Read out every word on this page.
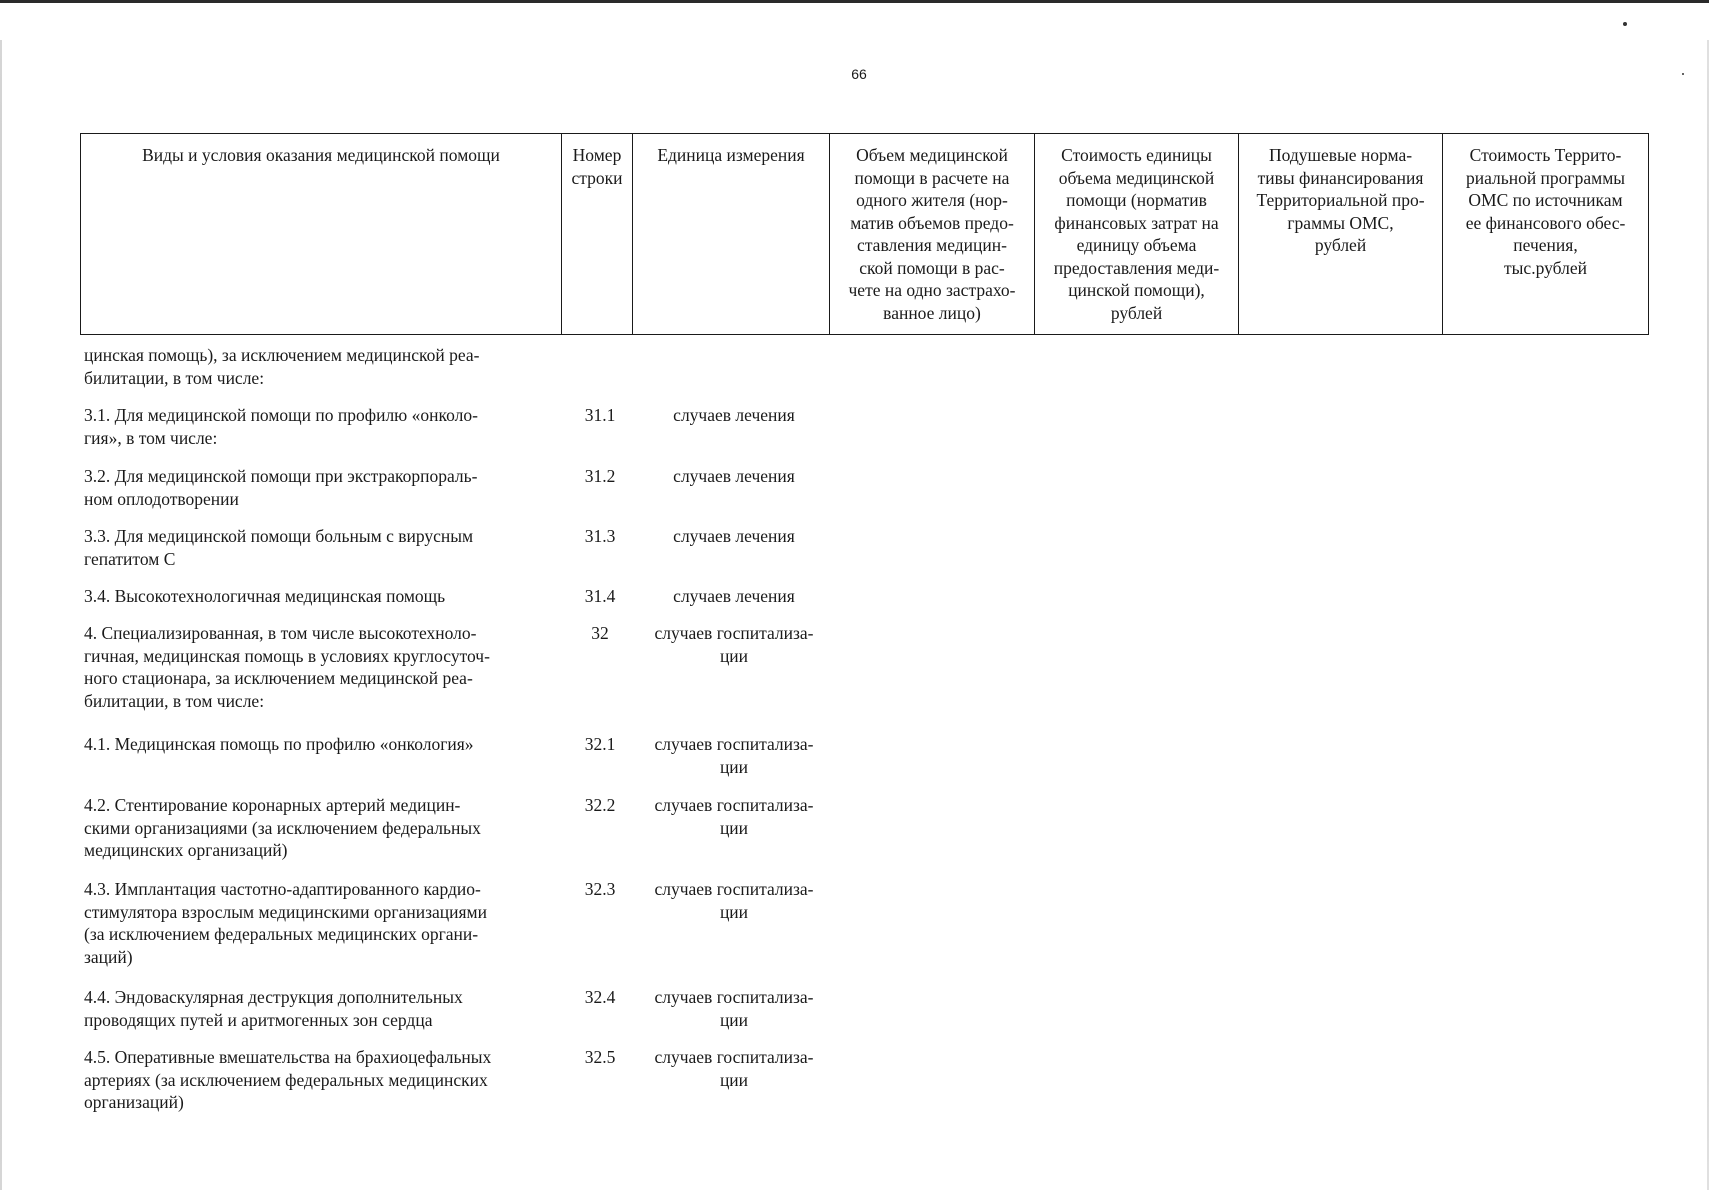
66
Виды и условия оказания медицинской помощи	Номер
строки	Единица измерения	Объем медицинской
помощи в расчете на
одного жителя (нор-
матив объемов предо-
ставления медицин-
ской помощи в рас-
чете на одно застрахо-
ванное лицо)	Стоимость единицы
объема медицинской
помощи (норматив
финансовых затрат на
единицу объема
предоставления меди-
цинской помощи),
рублей	Подушевые норма-
тивы финансирования
Территориальной про-
граммы ОМС,
рублей	Стоимость Террито-
риальной программы
ОМС по источникам
ее финансового обес-
печения,
тыс.рублей
цинская помощь), за исключением медицинской реа-
билитации, в том числе:
3.1. Для медицинской помощи по профилю «онколо-
гия», в том числе:
31.1	случаев лечения
3.2. Для медицинской помощи при экстракорпораль-
ном оплодотворении
31.2	случаев лечения
3.3. Для медицинской помощи больным с вирусным
гепатитом С
31.3	случаев лечения
3.4. Высокотехнологичная медицинская помощь	31.4	случаев лечения
4. Специализированная, в том числе высокотехноло-
гичная, медицинская помощь в условиях круглосуточ-
ного стационара, за исключением медицинской реа-
билитации, в том числе:
32	случаев госпитализа-
ции
4.1. Медицинская помощь по профилю «онкология»	32.1	случаев госпитализа-
ции
4.2. Стентирование коронарных артерий медицин-
скими организациями (за исключением федеральных
медицинских организаций)
32.2	случаев госпитализа-
ции
4.3. Имплантация частотно-адаптированного кардио-
стимулятора взрослым медицинскими организациями
(за исключением федеральных медицинских органи-
заций)
32.3	случаев госпитализа-
ции
4.4. Эндоваскулярная деструкция дополнительных
проводящих путей и аритмогенных зон сердца
32.4	случаев госпитализа-
ции
4.5. Оперативные вмешательства на брахиоцефальных
артериях (за исключением федеральных медицинских
организаций)
32.5	случаев госпитализа-
ции
